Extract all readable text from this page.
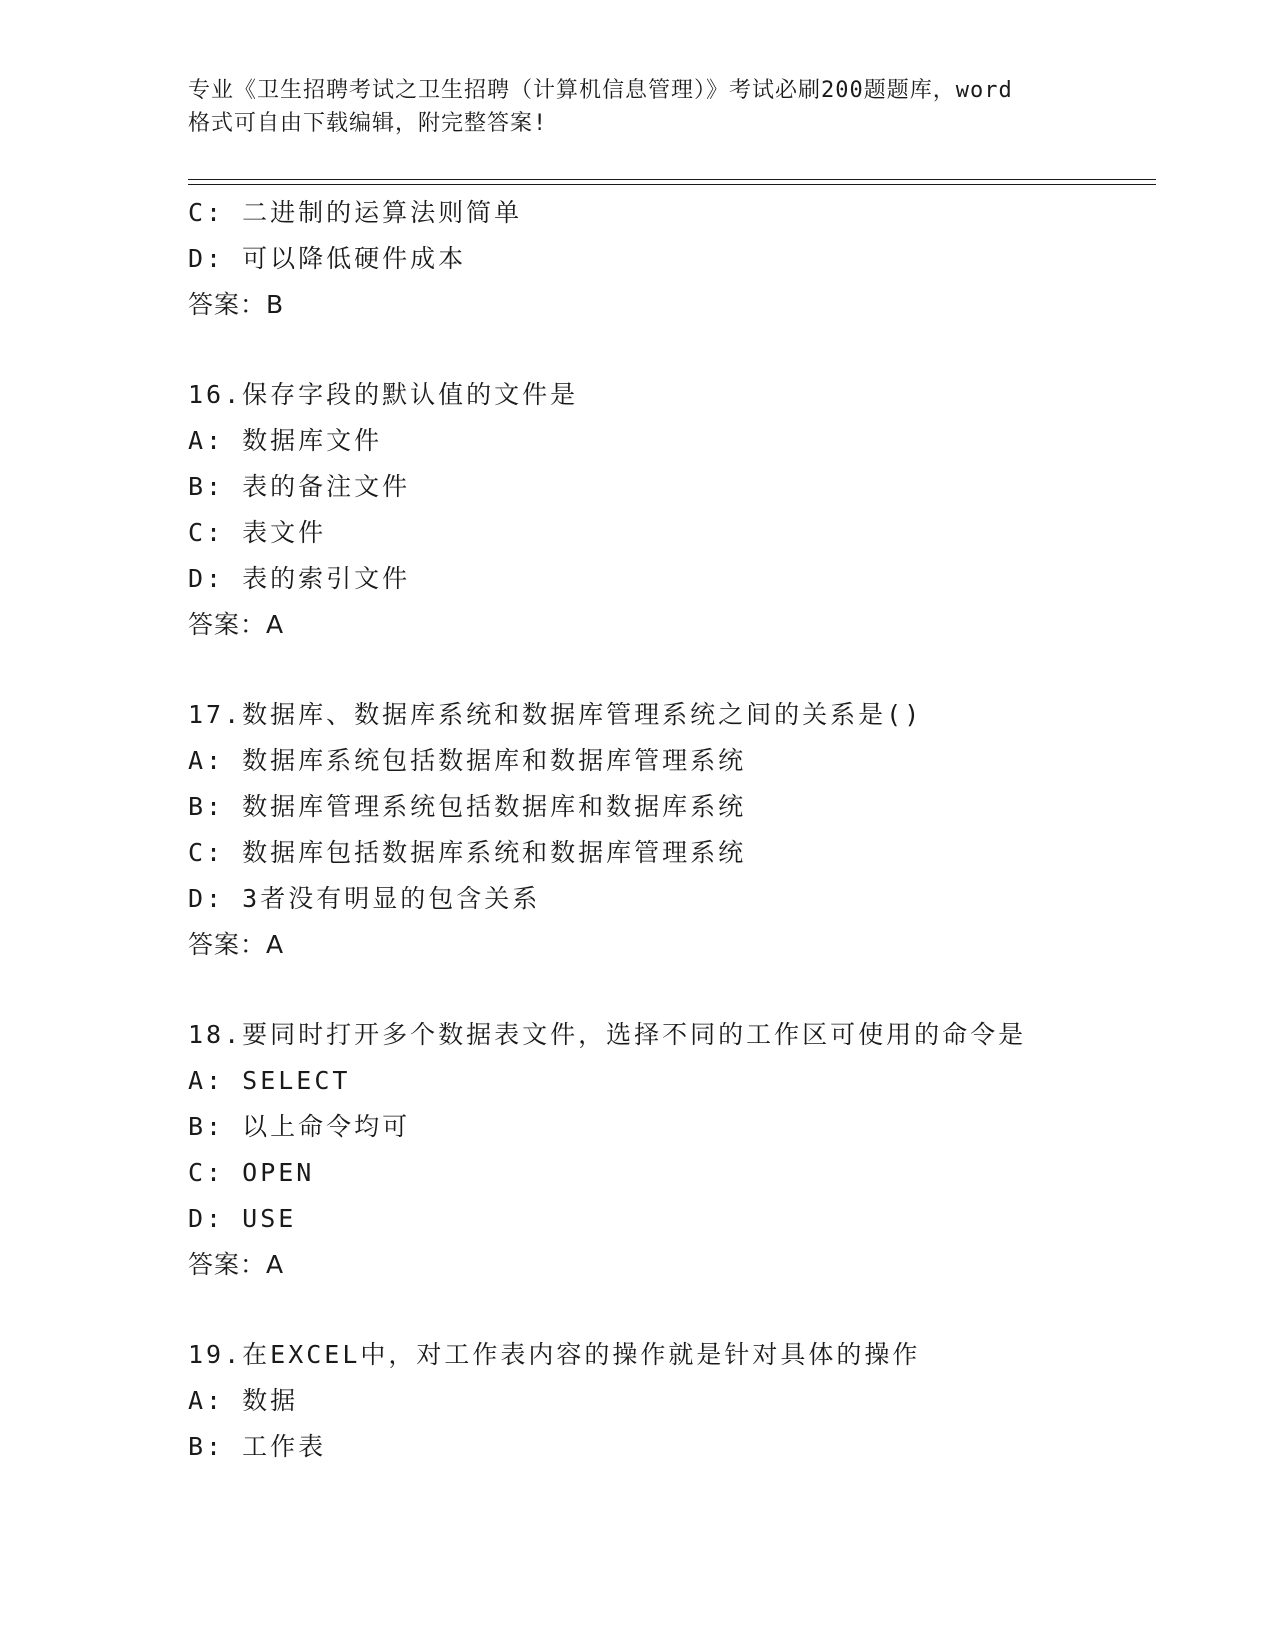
专业《卫生招聘考试之卫生招聘（计算机信息管理）》考试必刷200题题库，word
格式可自由下载编辑，附完整答案!
C: 二进制的运算法则简单
D: 可以降低硬件成本
答案：B
16.保存字段的默认值的文件是
A: 数据库文件
B: 表的备注文件
C: 表文件
D: 表的索引文件
答案：A
17.数据库、数据库系统和数据库管理系统之间的关系是()
A: 数据库系统包括数据库和数据库管理系统
B: 数据库管理系统包括数据库和数据库系统
C: 数据库包括数据库系统和数据库管理系统
D: 3者没有明显的包含关系
答案：A
18.要同时打开多个数据表文件，选择不同的工作区可使用的命令是
A: SELECT
B: 以上命令均可
C: OPEN
D: USE
答案：A
19.在EXCEL中，对工作表内容的操作就是针对具体的操作
A: 数据
B: 工作表
